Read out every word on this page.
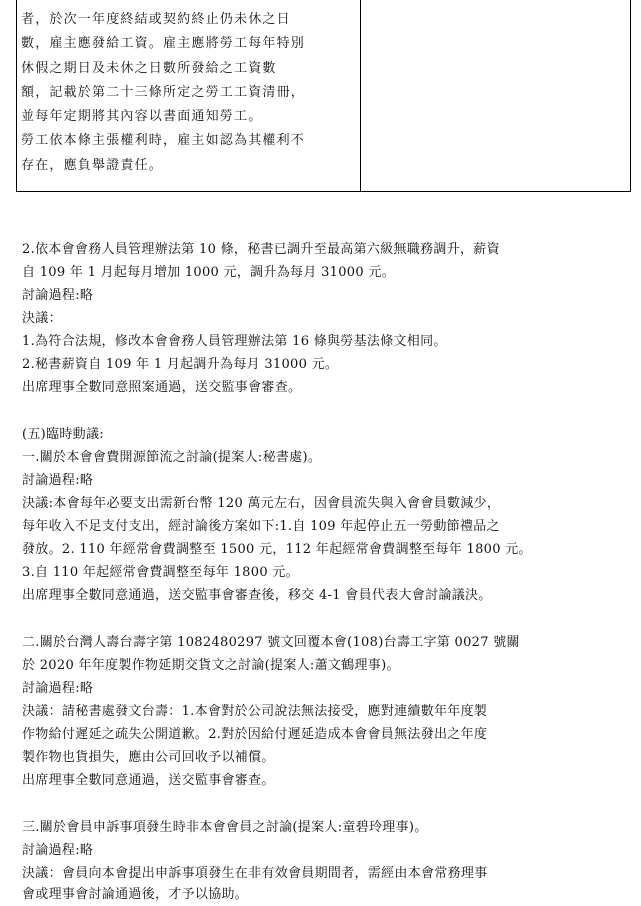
者，於次一年度終結或契約終止仍未休之日
數，雇主應發給工資。雇主應將勞工每年特別
休假之期日及未休之日數所發給之工資數
額，記載於第二十三條所定之勞工工資清冊，
並每年定期將其內容以書面通知勞工。
勞工依本條主張權利時，雇主如認為其權利不
存在，應負舉證責任。
2.依本會會務人員管理辦法第 10 條，秘書已調升至最高第六級無職務調升，薪資
自 109 年 1 月起每月增加 1000 元，調升為每月 31000 元。
討論過程:略
決議：
1.為符合法規，修改本會會務人員管理辦法第 16 條與勞基法條文相同。
2.秘書薪資自 109 年 1 月起調升為每月 31000 元。
出席理事全數同意照案通過，送交監事會審查。
(五)臨時動議:
一.關於本會會費開源節流之討論(提案人:秘書處)。
討論過程:略
決議:本會每年必要支出需新台幣 120 萬元左右，因會員流失與入會會員數減少，
每年收入不足支付支出，經討論後方案如下:1.自 109 年起停止五一勞動節禮品之
發放。2. 110 年經常會費調整至 1500 元，112 年起經常會費調整至每年 1800 元。
3.自 110 年起經常會費調整至每年 1800 元。
出席理事全數同意通過，送交監事會審查後，移交 4-1 會員代表大會討論議決。
二.關於台灣人壽台壽字第 1082480297 號文回覆本會(108)台壽工字第 0027 號關
於 2020 年年度製作物延期交貨文之討論(提案人:蕭文鶴理事)。
討論過程:略
決議：請秘書處發文台壽：1.本會對於公司說法無法接受，應對連續數年年度製
作物給付遲延之疏失公開道歉。2.對於因給付遲延造成本會會員無法發出之年度
製作物也貨損失，應由公司回收予以補償。
出席理事全數同意通過，送交監事會審查。
三.關於會員申訴事項發生時非本會會員之討論(提案人:童碧玲理事)。
討論過程:略
決議：會員向本會提出申訴事項發生在非有效會員期間者，需經由本會常務理事
會或理事會討論通過後，才予以協助。
